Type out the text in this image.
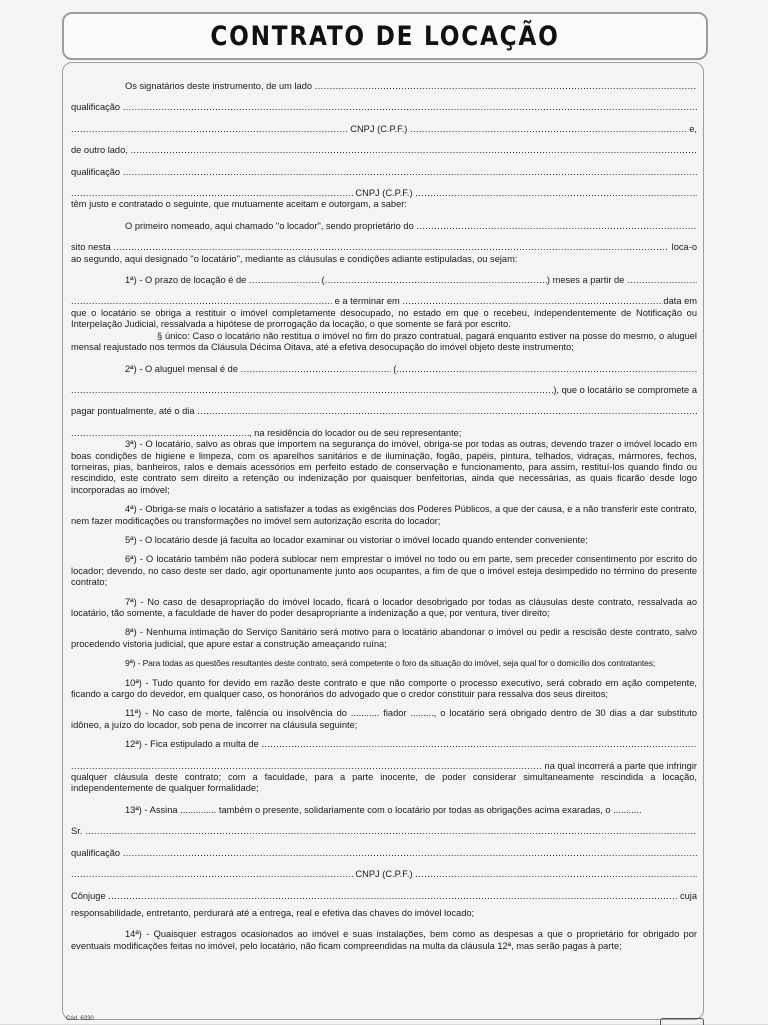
CONTRATO DE LOCAÇÃO
Os signatários deste instrumento, de um lado

.....
qualificação

.....
.....

CNPJ (C.P.F.)
.....
	e,
de outro lado,

.....
qualificação

.....
.....

CNPJ (C.P.F.)

.....
têm justo e contratado o seguinte, que mutuamente aceitam e outorgam, a saber:
O primeiro nomeado, aqui chamado "o locador", sendo proprietário do

.....
sito nesta
.....
	loca-o
ao segundo, aqui designado "o locatário", mediante as cláusulas e condições adiante estipuladas, ou sejam:
1ª)
- O prazo de locação é de
.....
	( .....	) meses a partir de

.....
.....

e a terminar em
.....	data em
que o locatário se obriga a restituir o imóvel completamente desocupado, no estado em que o recebeu, independentemente de Notificação ou Interpelação Judicial, ressalvada a hipótese de prorrogação da locação, o que somente se fará por escrito.
§ único: Caso o locatário não restitua o imóvel no fim do prazo contratual, pagará enquanto estiver na posse do mesmo, o aluguel mensal reajustado nos termos da Cláusula Décima Oitava, até a efetiva desocupação do imóvel objeto deste instrumento;
2ª)
- O aluguel mensal é de
.....
	(
.....
.....
), que o locatário se compromete a
pagar pontualmente, até o dia

.....
.....
, na residência do locador ou de seu representante;
3ª) - O locatário, salvo as obras que importem na segurança do imóvel, obriga-se por todas as outras, devendo trazer o imóvel locado em boas condições de higiene e limpeza, com os aparelhos sanitários e de iluminação, fogão, papéis, pintura, telhados, vidraças, mármores, fechos, torneiras, pias, banheiros, ralos e demais acessórios em perfeito estado de conservação e funcionamento, para assim, restituí-los quando findo ou rescindido, este contrato sem direito a retenção ou indenização por quaisquer benfeitorias, ainda que necessárias, as quais ficarão desde logo incorporadas ao imóvel;
4ª) - Obriga-se mais o locatário a satisfazer a todas as exigências dos Poderes Públicos, a que der causa, e a não transferir este contrato, nem fazer modificações ou transformações no imóvel sem autorização escrita do locador;
5ª) - O locatário desde já faculta ao locador examinar ou vistoriar o imóvel locado quando entender conveniente;
6ª) - O locatário também não poderá sublocar nem emprestar o imóvel no todo ou em parte, sem preceder consentimento por escrito do locador; devendo, no caso deste ser dado, agir oportunamente junto aos ocupantes, a fim de que o imóvel esteja desimpedido no término do presente contrato;
7ª) - No caso de desapropriação do imóvel locado, ficará o locador desobrigado por todas as cláusulas deste contrato, ressalvada ao locatário, tão somente, a faculdade de haver do poder desapropriante a indenização a que, por ventura, tiver direito;
8ª) - Nenhuma intimação do Serviço Sanitário será motivo para o locatário abandonar o imóvel ou pedir a rescisão deste contrato, salvo procedendo vistoria judicial, que apure estar a construção ameaçando ruína;
9ª) - Para todas as questões resultantes deste contrato, será competente o foro da situação do imóvel, seja qual for o domicílio dos contratantes;
10ª) - Tudo quanto for devido em razão deste contrato e que não comporte o processo executivo, será cobrado em ação competente, ficando a cargo do devedor, em qualquer caso, os honorários do advogado que o credor constituir para ressalva dos seus direitos;
11ª) - No caso de morte, falência ou insolvência do ........... fiador ........., o locatário será obrigado dentro de 30 dias a dar substituto idôneo, a juízo do locador, sob pena de incorrer na cláusula seguinte;
12ª)
- Fica estipulado a multa de

.....
.....

na qual incorrerá a parte que infringir
qualquer cláusula deste contrato; com a faculdade, para a parte inocente, de poder considerar simultaneamente rescindida a locação, independentemente de qualquer formalidade;
13ª)
- Assina .............. também o presente, solidariamente com o locatário por todas as obrigações acima exaradas, o ...........
Sr.

.....
qualificação

.....
.....

CNPJ (C.P.F.)

.....
Cônjuge
.....
	cuja
responsabilidade, entretanto, perdurará até a entrega, real e efetiva das chaves do imóvel locado;
14ª) - Quaisquer estragos ocasionados ao imóvel e suas instalações, bem como as despesas a que o proprietário for obrigado por eventuais modificações feitas no imóvel, pelo locatário, não ficam compreendidas na multa da cláusula 12ª, mas serão pagas à parte;
Cód. 6330
